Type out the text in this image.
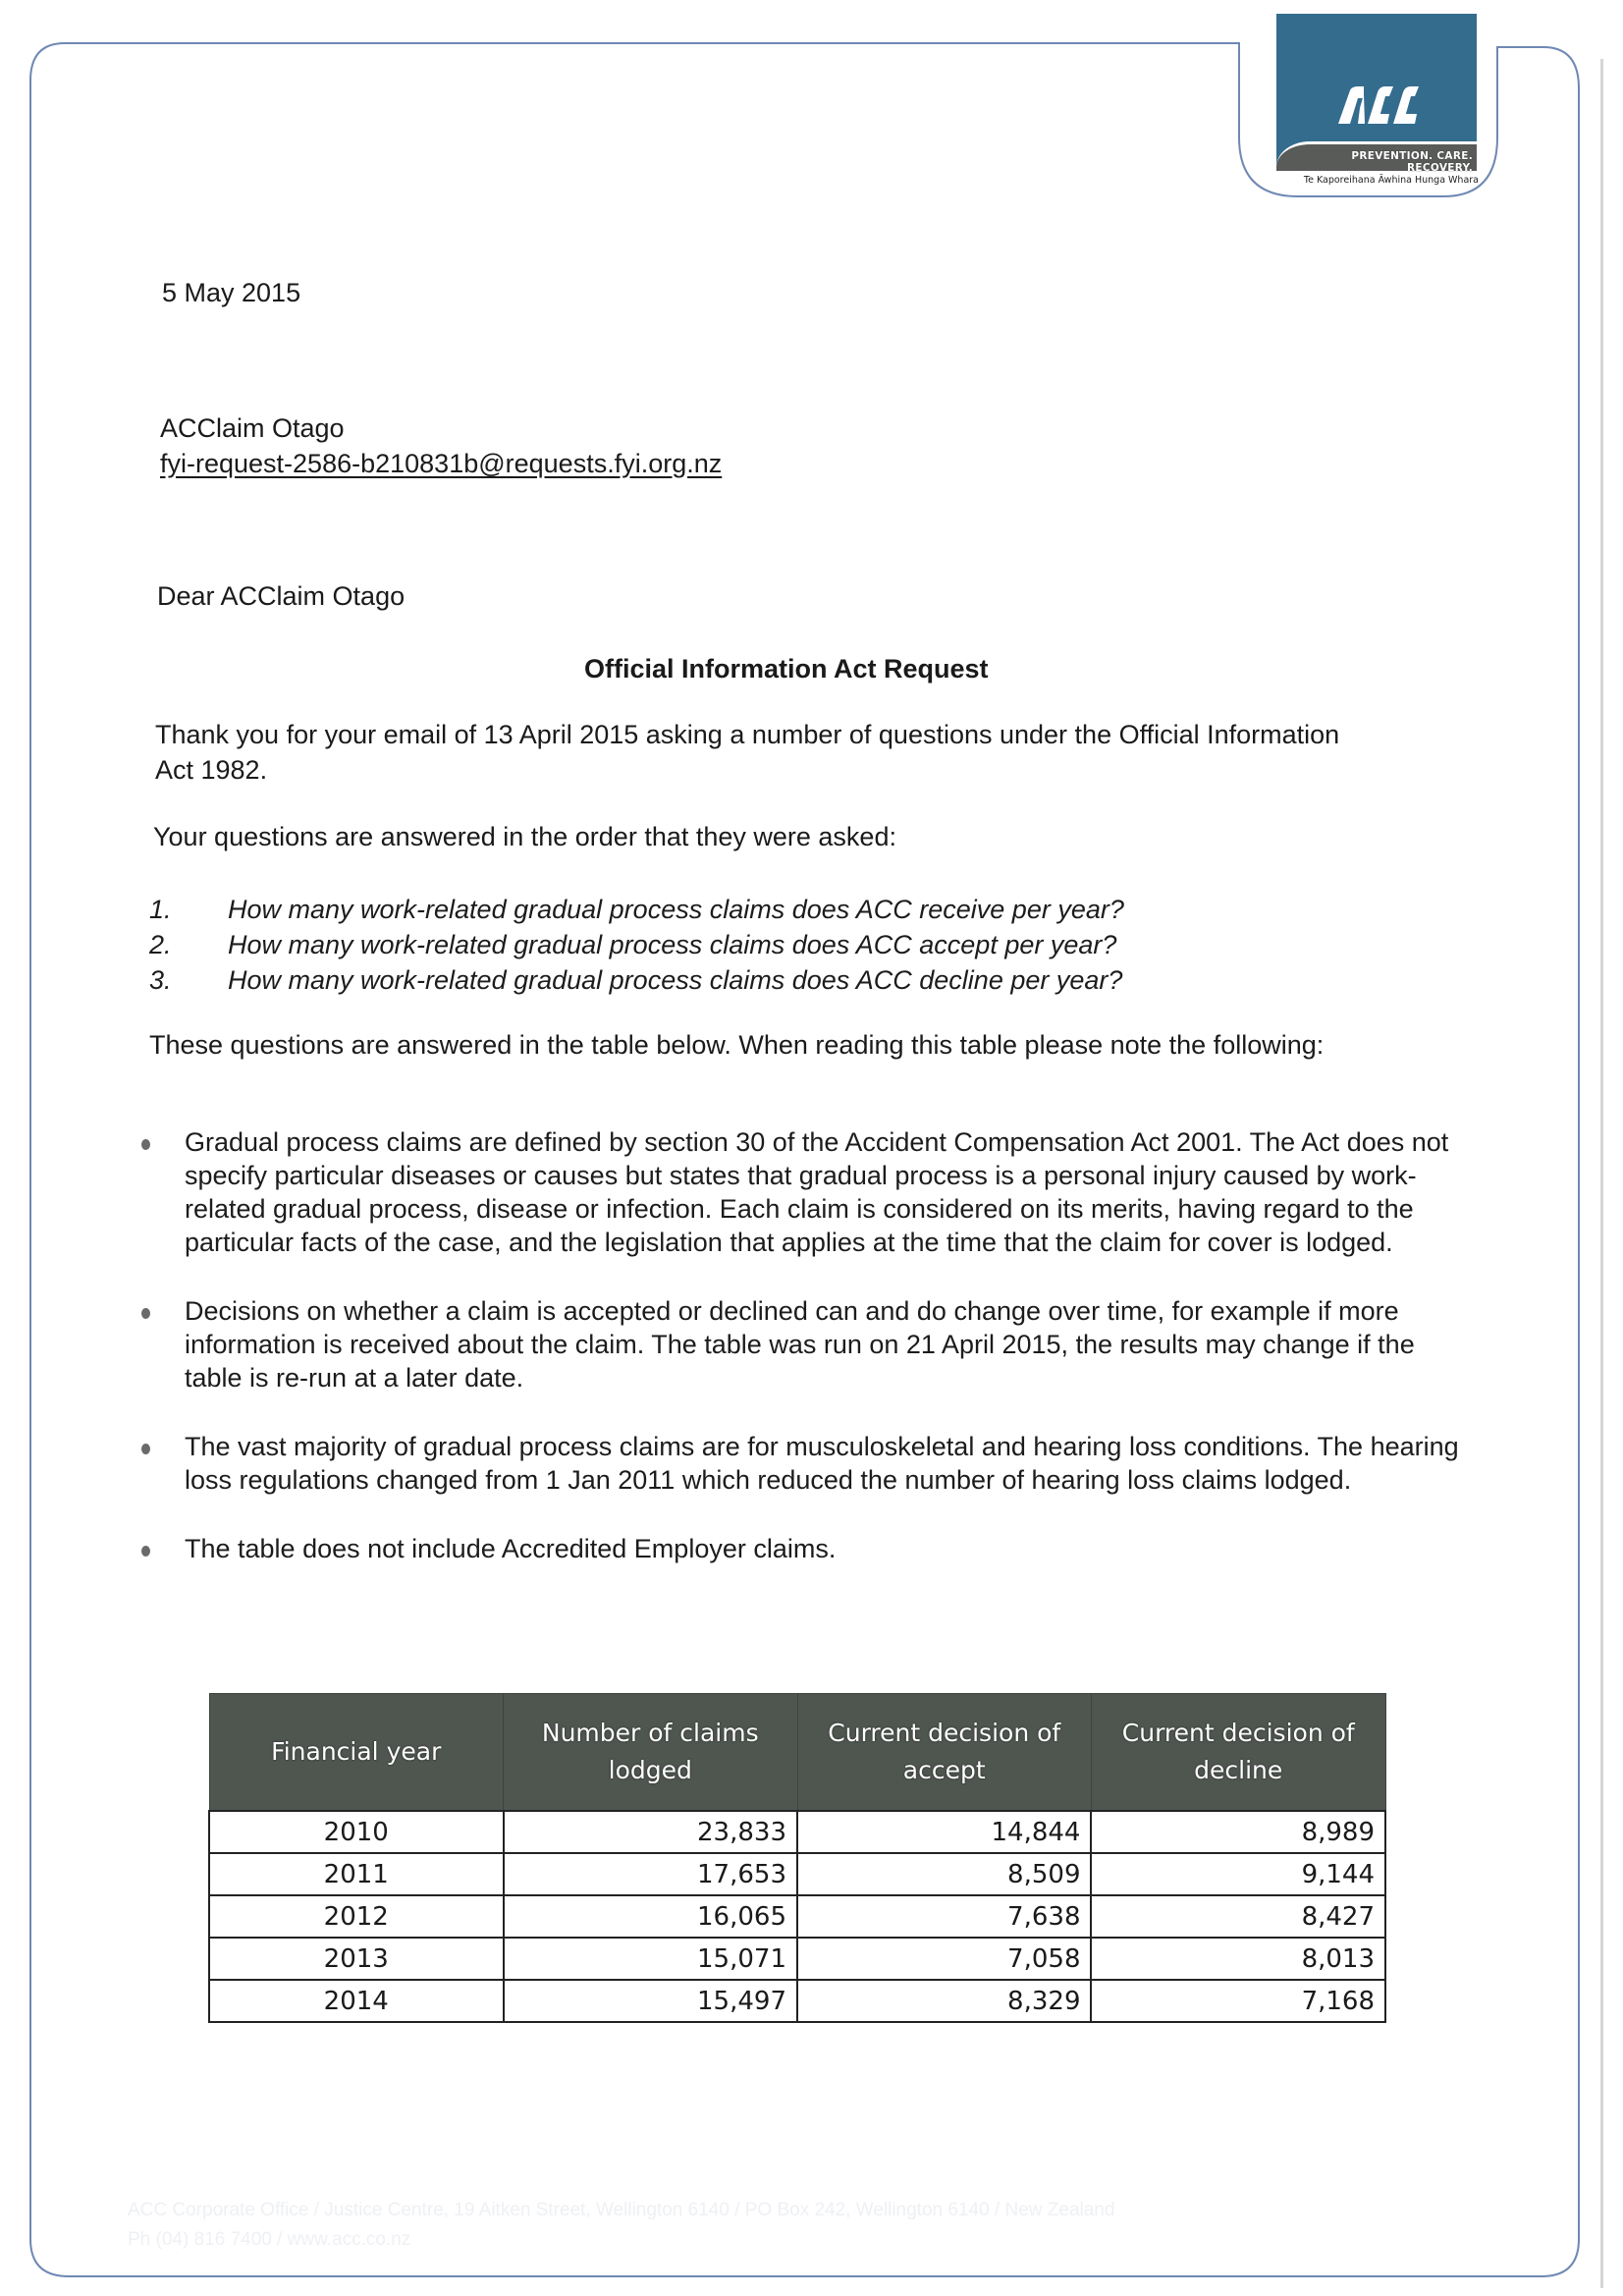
PREVENTION. CARE. RECOVERY.
Te Kaporeihana Āwhina Hunga Whara
5 May 2015
ACClaim Otago
fyi-request-2586-b210831b@requests.fyi.org.nz
Dear ACClaim Otago
Official Information Act Request
Thank you for your email of 13 April 2015 asking a number of questions under the Official Information Act 1982.
Your questions are answered in the order that they were asked:
1.	How many work-related gradual process claims does ACC receive per year?
2.	How many work-related gradual process claims does ACC accept per year?
3.	How many work-related gradual process claims does ACC decline per year?
These questions are answered in the table below. When reading this table please note the following:
Gradual process claims are defined by section 30 of the Accident Compensation Act 2001. The Act does not specify particular diseases or causes but states that gradual process is a personal injury caused by work-related gradual process, disease or infection. Each claim is considered on its merits, having regard to the particular facts of the case, and the legislation that applies at the time that the claim for cover is lodged.
Decisions on whether a claim is accepted or declined can and do change over time, for example if more information is received about the claim. The table was run on 21 April 2015, the results may change if the table is re-run at a later date.
The vast majority of gradual process claims are for musculoskeletal and hearing loss conditions. The hearing loss regulations changed from 1 Jan 2011 which reduced the number of hearing loss claims lodged.
The table does not include Accredited Employer claims.
Financial year	Number of claims lodged	Current decision of accept	Current decision of decline
2010	23,833	14,844	8,989
2011	17,653	8,509	9,144
2012	16,065	7,638	8,427
2013	15,071	7,058	8,013
2014	15,497	8,329	7,168
ACC Corporate Office / Justice Centre, 19 Aitken Street, Wellington 6140 / PO Box 242, Wellington 6140 / New Zealand
Ph (04) 816 7400 / www.acc.co.nz
